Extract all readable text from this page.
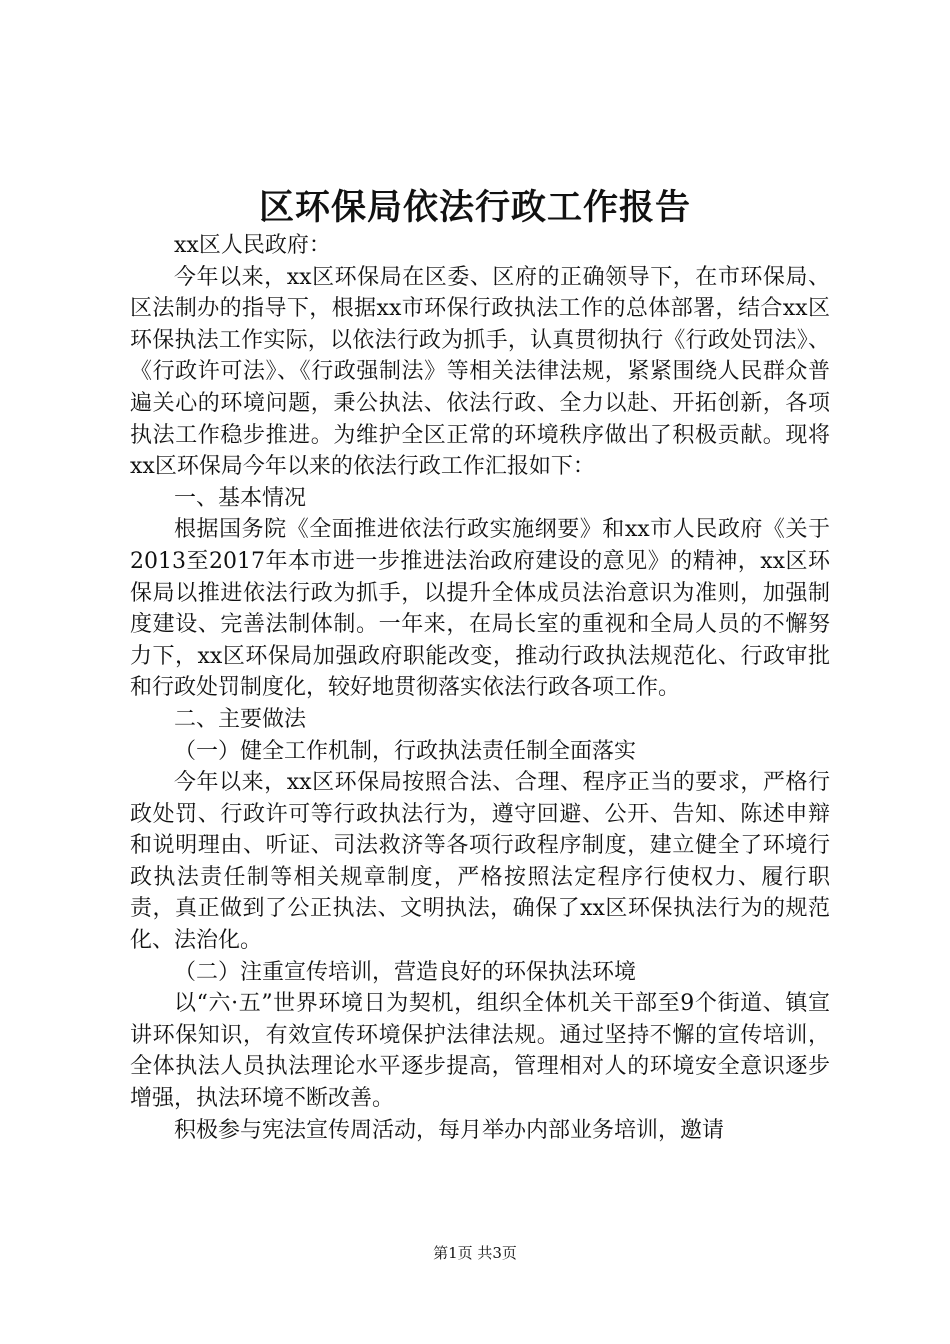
区环保局依法行政工作报告

xx区人民政府：

今年以来，xx区环保局在区委、区府的正确领导下，在市环保局、区法制办的指导下，根据xx市环保行政执法工作的总体部署，结合xx区环保执法工作实际，以依法行政为抓手，认真贯彻执行《行政处罚法》、《行政许可法》、《行政强制法》等相关法律法规，紧紧围绕人民群众普遍关心的环境问题，秉公执法、依法行政、全力以赴、开拓创新，各项执法工作稳步推进。为维护全区正常的环境秩序做出了积极贡献。现将xx区环保局今年以来的依法行政工作汇报如下：

一、基本情况

根据国务院《全面推进依法行政实施纲要》和xx市人民政府《关于2013至2017年本市进一步推进法治政府建设的意见》的精神，xx区环保局以推进依法行政为抓手，以提升全体成员法治意识为准则，加强制度建设、完善法制体制。一年来，在局长室的重视和全局人员的不懈努力下，xx区环保局加强政府职能改变，推动行政执法规范化、行政审批和行政处罚制度化，较好地贯彻落实依法行政各项工作。

二、主要做法

（一）健全工作机制，行政执法责任制全面落实

今年以来，xx区环保局按照合法、合理、程序正当的要求，严格行政处罚、行政许可等行政执法行为，遵守回避、公开、告知、陈述申辩和说明理由、听证、司法救济等各项行政程序制度，建立健全了环境行政执法责任制等相关规章制度，严格按照法定程序行使权力、履行职责，真正做到了公正执法、文明执法，确保了xx区环保执法行为的规范化、法治化。

（二）注重宣传培训，营造良好的环保执法环境

以“六·五”世界环境日为契机，组织全体机关干部至9个街道、镇宣讲环保知识，有效宣传环境保护法律法规。通过坚持不懈的宣传培训，全体执法人员执法理论水平逐步提高，管理相对人的环境安全意识逐步增强，执法环境不断改善。

积极参与宪法宣传周活动，每月举办内部业务培训，邀请

第1页 共3页
